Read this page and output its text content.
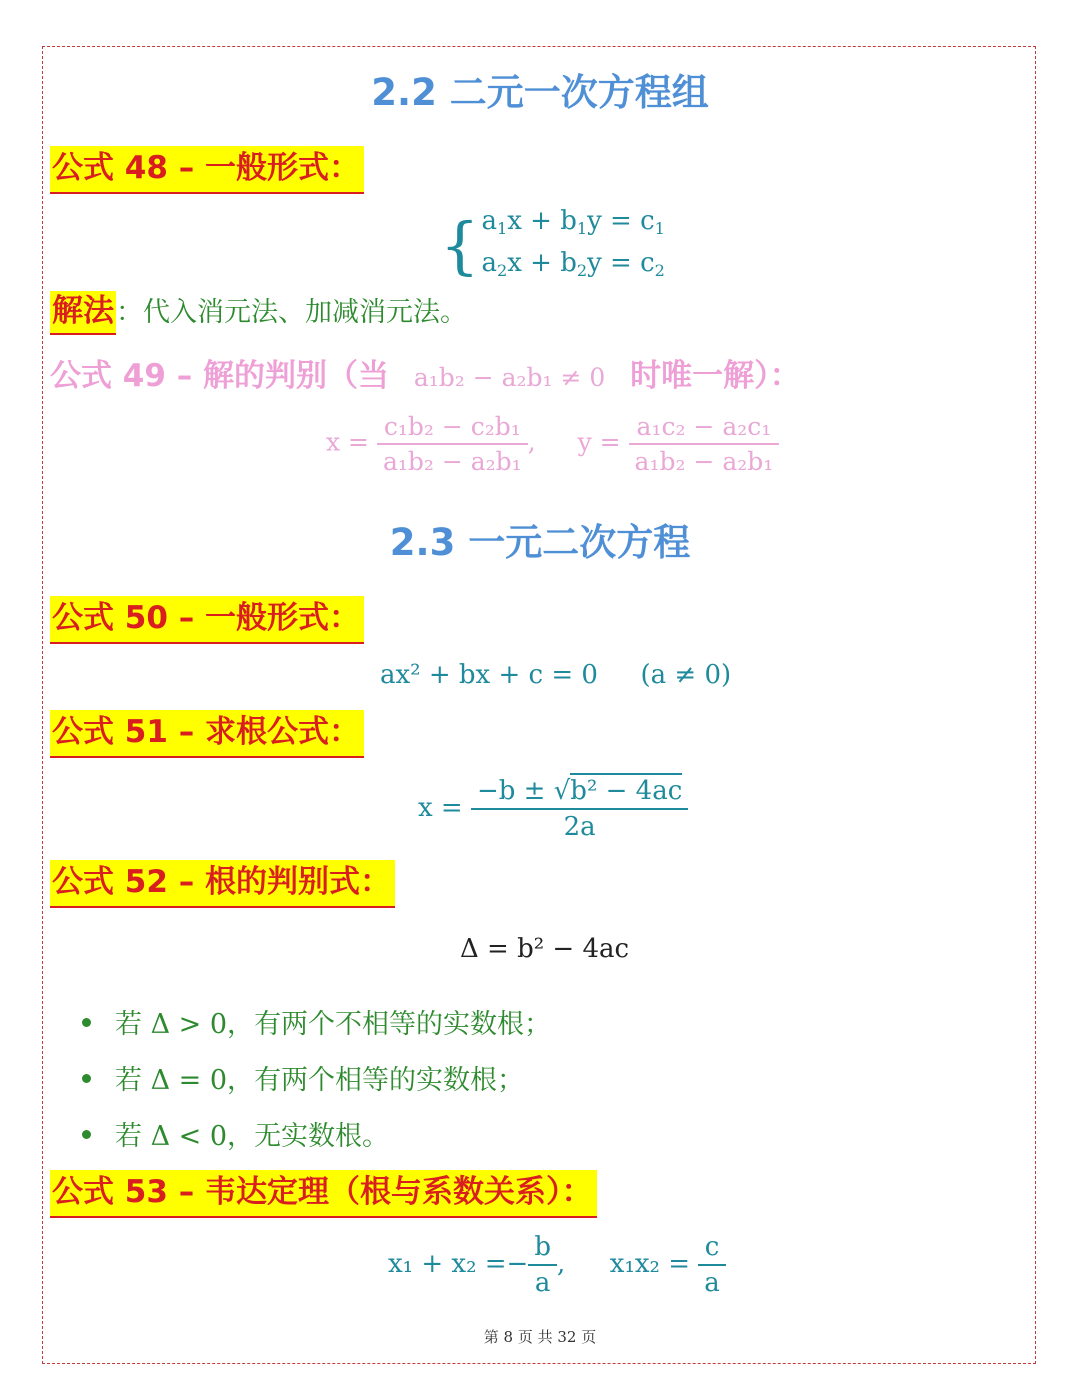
2.2 二元一次方程组
公式 48 – 一般形式：
{ $a_1x + b_1y = c_1$
$a_2x + b_2y = c_2$
解法：代入消元法、加减消元法。
公式 49 – 解的判别（当 a₁b₂ − a₂b₁ ≠ 0 时唯一解）：
$x = \frac{\text{c₁b₂ − c₂b₁}}{\text{a₁b₂ − a₂b₁}}$ , $y = \frac{\text{a₁c₂ − a₂c₁}}{\text{a₁b₂ − a₂b₁}}$
2.3 一元二次方程
公式 50 – 一般形式：
ax² + bx + c = 0 (a ≠ 0)
公式 51 – 求根公式：
$x = \frac{\text{−b ± √b² − 4ac}}{2a}$
公式 52 – 根的判别式：
Δ = b² − 4ac
若 Δ > 0，有两个不相等的实数根；
若 Δ = 0，有两个相等的实数根；
若 Δ < 0，无实数根。
公式 53 – 韦达定理（根与系数关系）：
$x_1 + x_2 =- \frac{b}{a}$ , $x_1x_2 = \frac{c}{a}$
第 8 页 共 32 页
